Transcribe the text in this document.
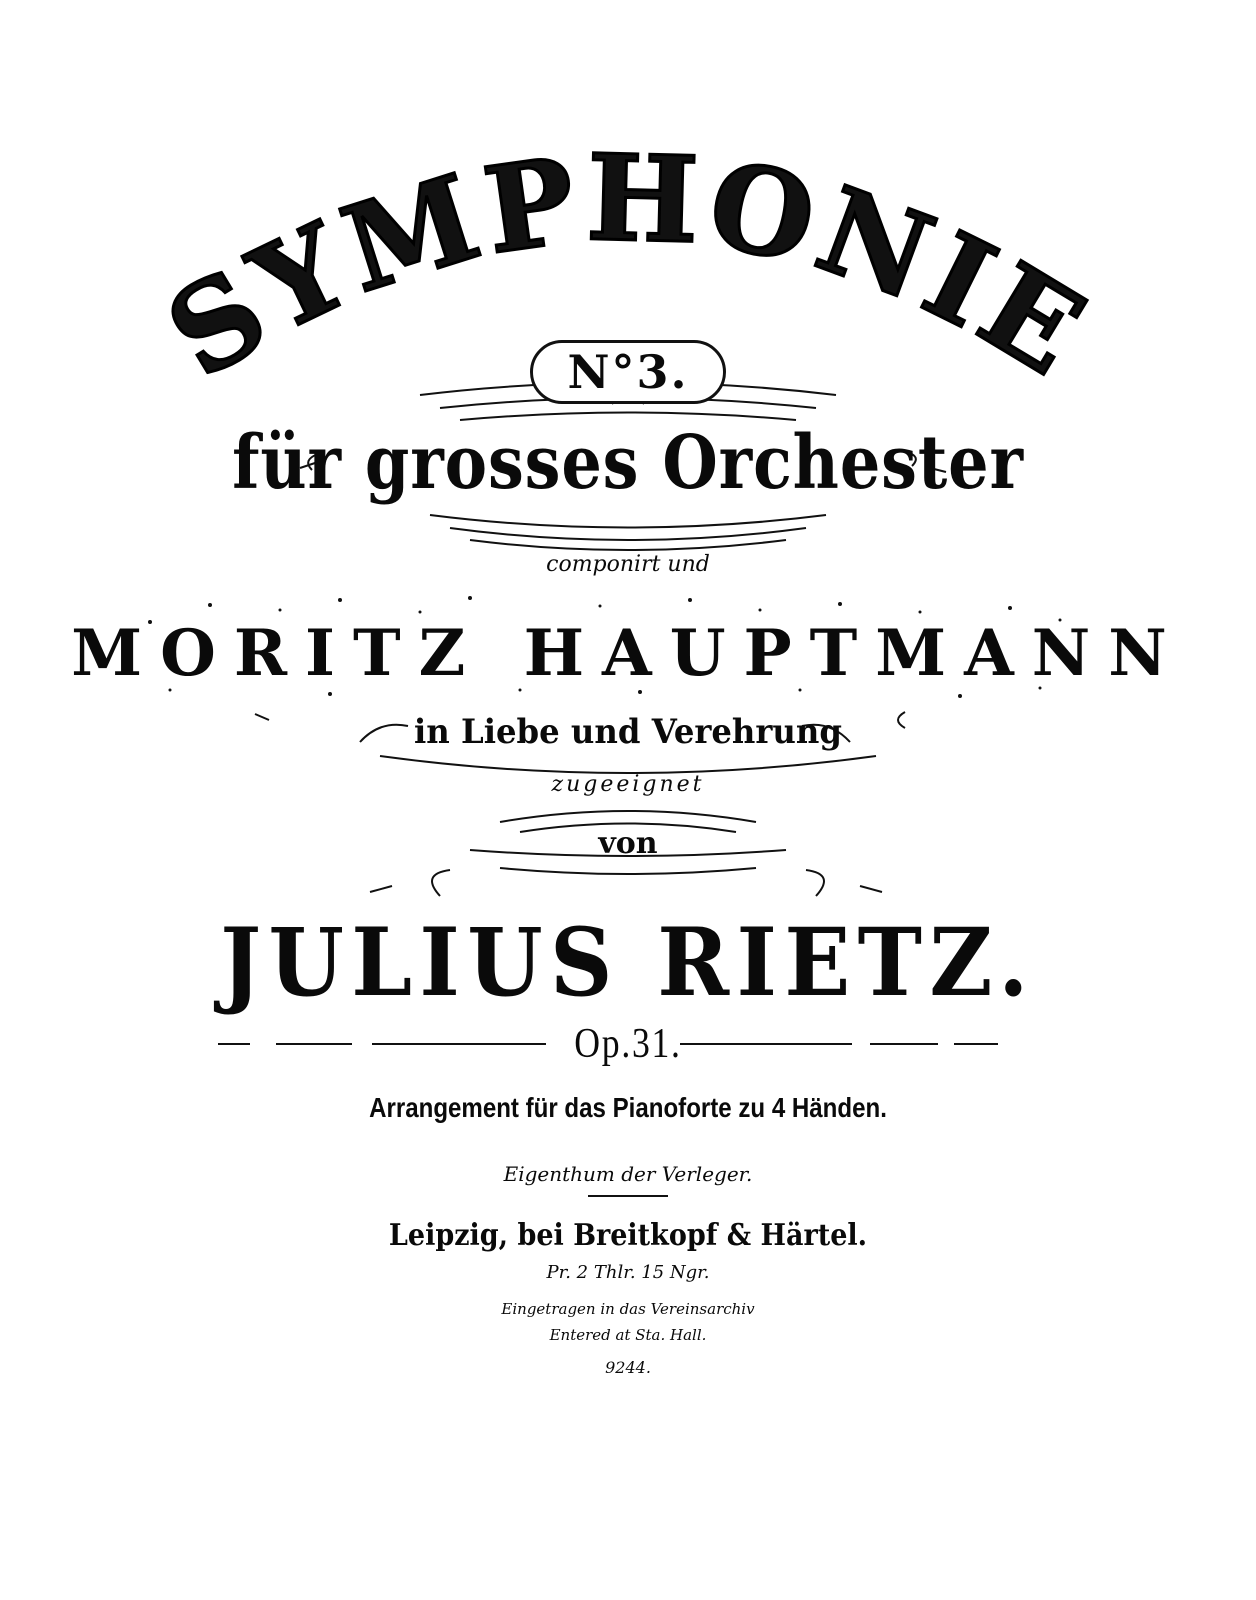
SYMPHONIE
N°3.
für grosses Orchester
componirt und
MORITZ HAUPTMANN
in Liebe und Verehrung
zugeeignet
von
JULIUS RIETZ.
Op.31.
Arrangement für das Pianoforte zu 4 Händen.
Eigenthum der Verleger.
Leipzig, bei Breitkopf & Härtel.
Pr. 2 Thlr. 15 Ngr.
Eingetragen in das Vereinsarchiv
Entered at Sta. Hall.
9244.
